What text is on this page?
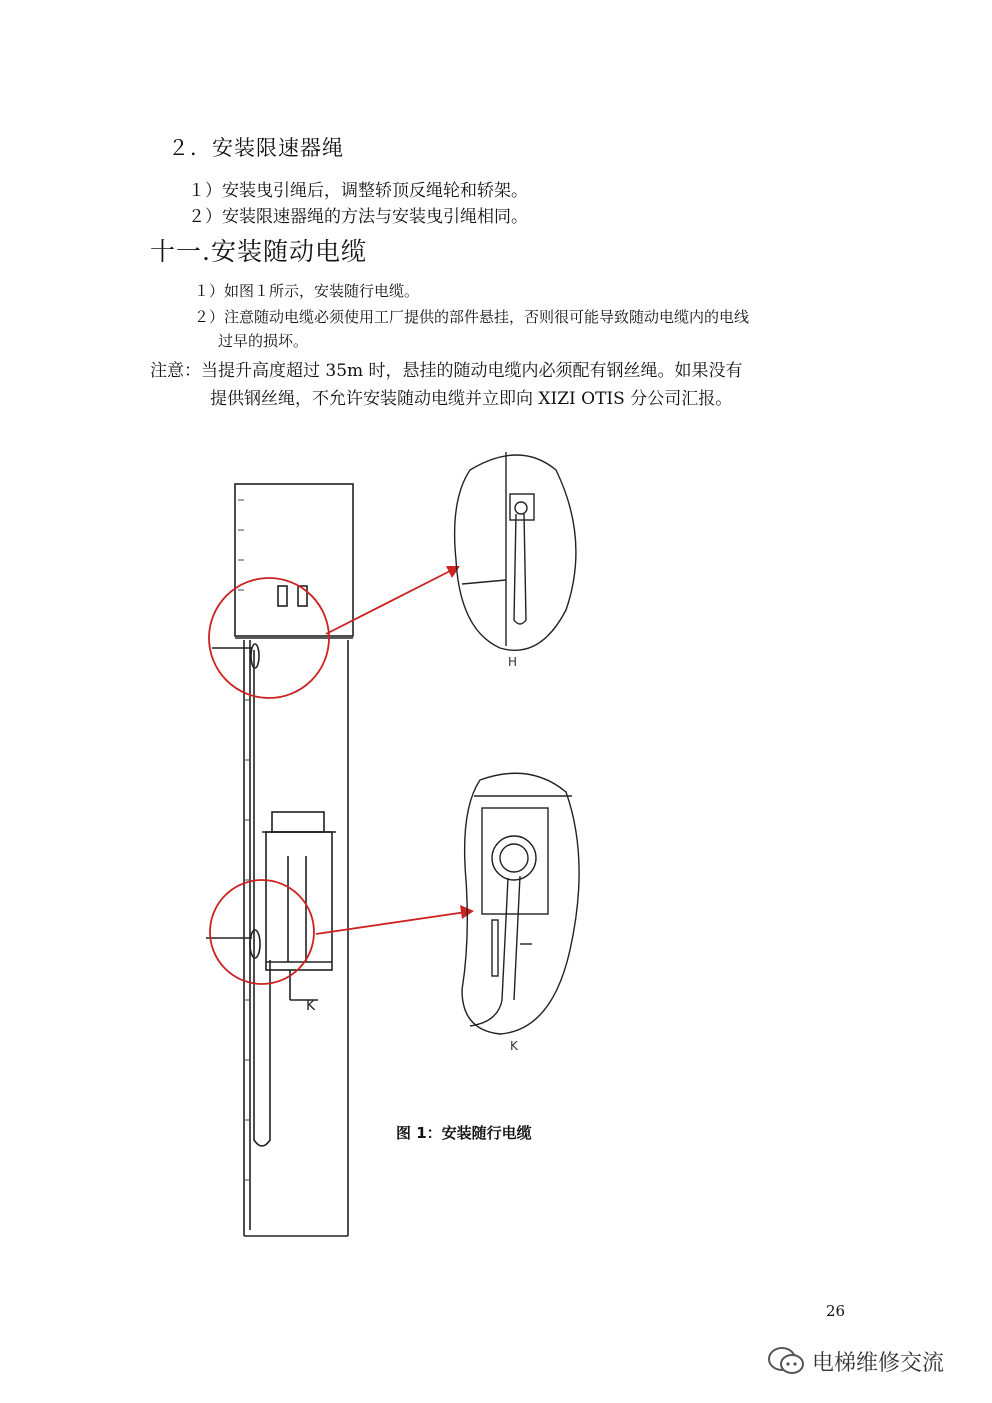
２．安装限速器绳
１）安装曳引绳后，调整轿顶反绳轮和轿架。
２）安装限速器绳的方法与安装曳引绳相同。
十一.安装随动电缆
１）如图１所示，安装随行电缆。
２）注意随动电缆必须使用工厂提供的部件悬挂，否则很可能导致随动电缆内的电线
过早的损坏。
注意：当提升高度超过 35m 时，悬挂的随动电缆内必须配有钢丝绳。如果没有
提供钢丝绳，不允许安装随动电缆并立即向 XIZI OTIS 分公司汇报。
K
H
K
图 1：安装随行电缆
26
电梯维修交流
